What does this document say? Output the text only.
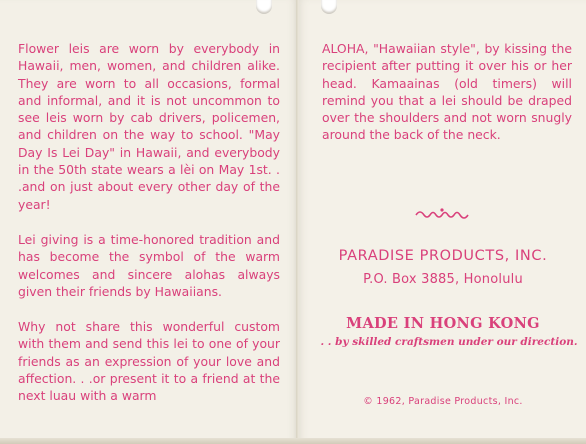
Flower leis are worn by everybody in Hawaii, men, women, and children alike. They are worn to all occasions, formal and informal, and it is not uncommon to see leis worn by cab drivers, policemen, and children on the way to school. "May Day Is Lei Day" in Hawaii, and everybody in the 50th state wears a lèi on May 1st. . .and on just about every other day of the year!

Lei giving is a time-honored tradition and has become the symbol of the warm welcomes and sincere alohas always given their friends by Hawaiians.

Why not share this wonderful custom with them and send this lei to one of your friends as an expression of your love and affection. . .or present it to a friend at the next luau with a warm

ALOHA, "Hawaiian style", by kissing the recipient after putting it over his or her head. Kamaainas (old timers) will remind you that a lei should be draped over the shoulders and not worn snugly around the back of the neck.

PARADISE PRODUCTS, INC.
P.O. Box 3885, Honolulu
MADE IN HONG KONG
. . by skilled craftsmen under our direction.
© 1962, Paradise Products, Inc.
